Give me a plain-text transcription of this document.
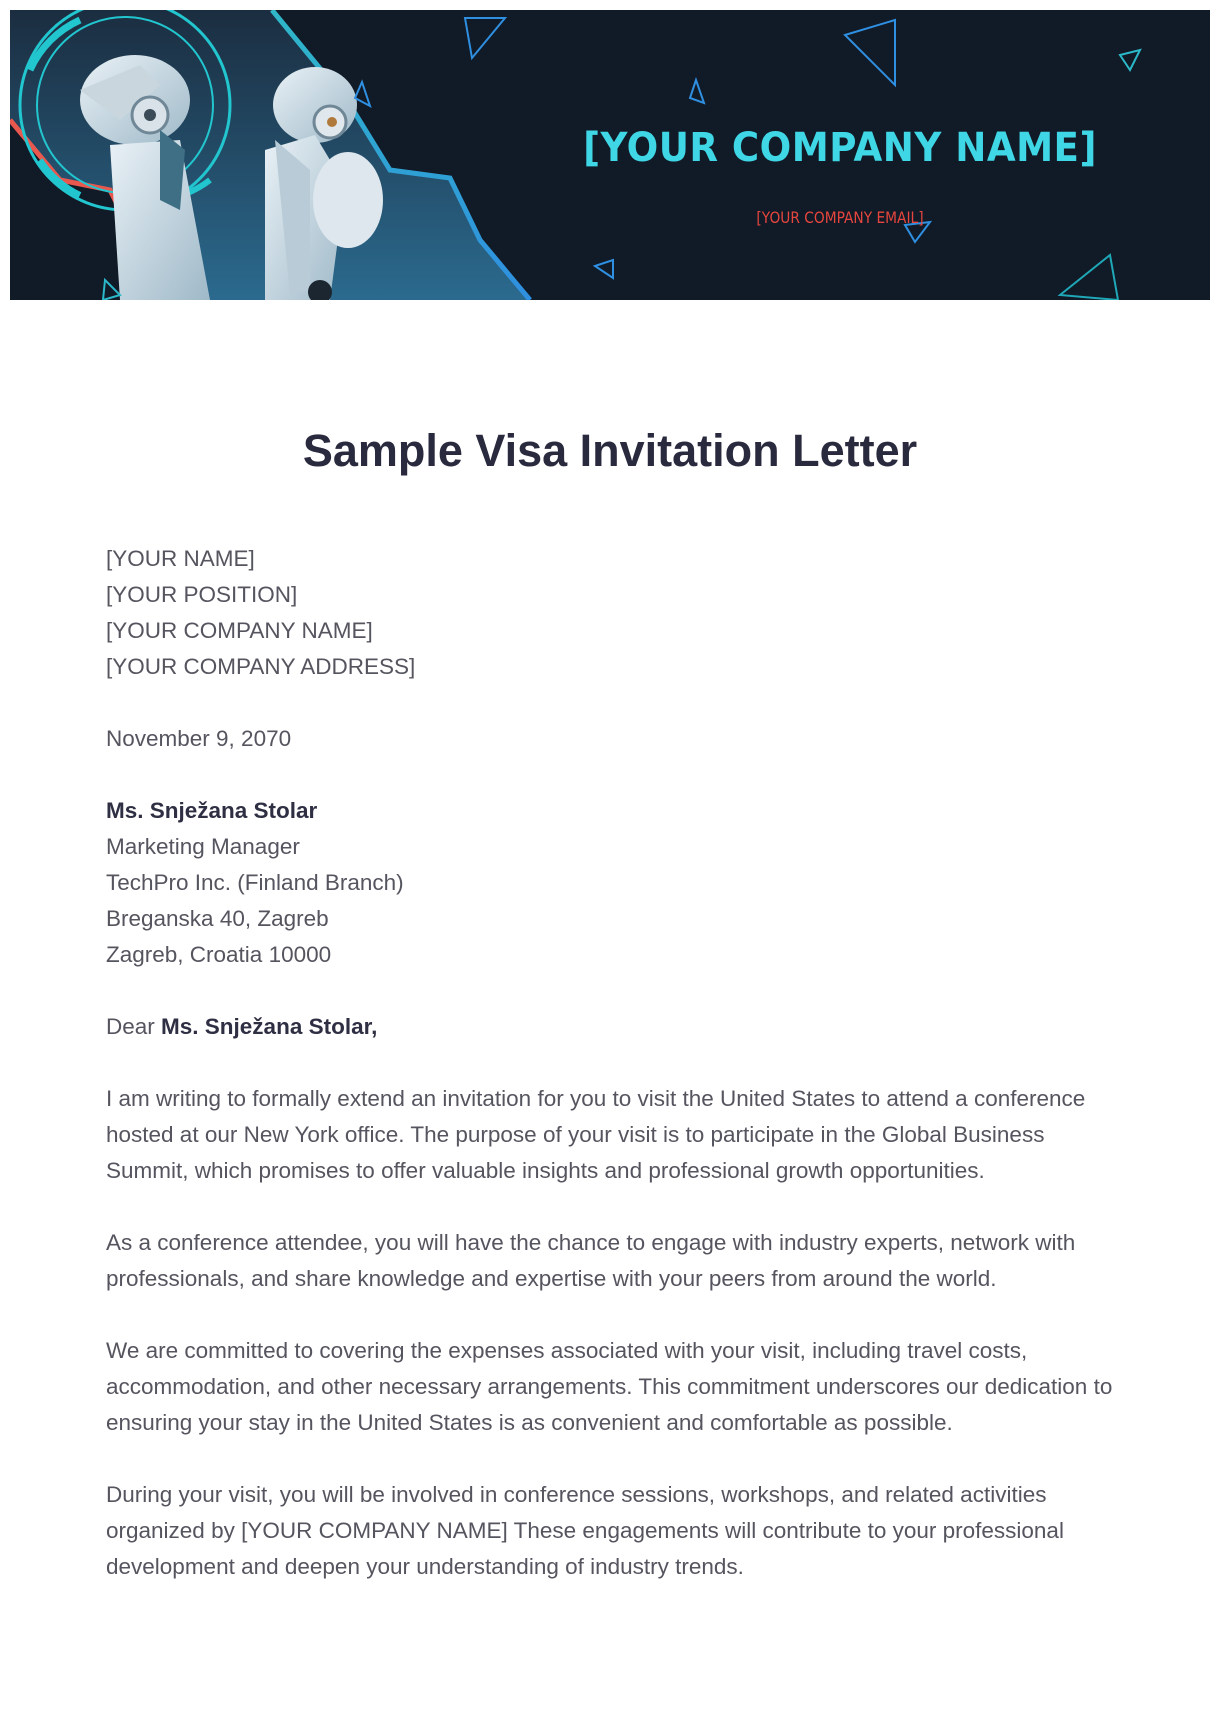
[YOUR COMPANY NAME]
[YOUR COMPANY EMAIL]
Sample Visa Invitation Letter

[YOUR NAME]
[YOUR POSITION]
[YOUR COMPANY NAME]
[YOUR COMPANY ADDRESS]

November 9, 2070

Ms. Snježana Stolar
Marketing Manager
TechPro Inc. (Finland Branch)
Breganska 40, Zagreb
Zagreb, Croatia 10000

Dear Ms. Snježana Stolar,

I am writing to formally extend an invitation for you to visit the United States to attend a conference hosted at our New York office. The purpose of your visit is to participate in the Global Business Summit, which promises to offer valuable insights and professional growth opportunities.

As a conference attendee, you will have the chance to engage with industry experts, network with professionals, and share knowledge and expertise with your peers from around the world.

We are committed to covering the expenses associated with your visit, including travel costs, accommodation, and other necessary arrangements. This commitment underscores our dedication to ensuring your stay in the United States is as convenient and comfortable as possible.

During your visit, you will be involved in conference sessions, workshops, and related activities organized by [YOUR COMPANY NAME] These engagements will contribute to your professional development and deepen your understanding of industry trends.
